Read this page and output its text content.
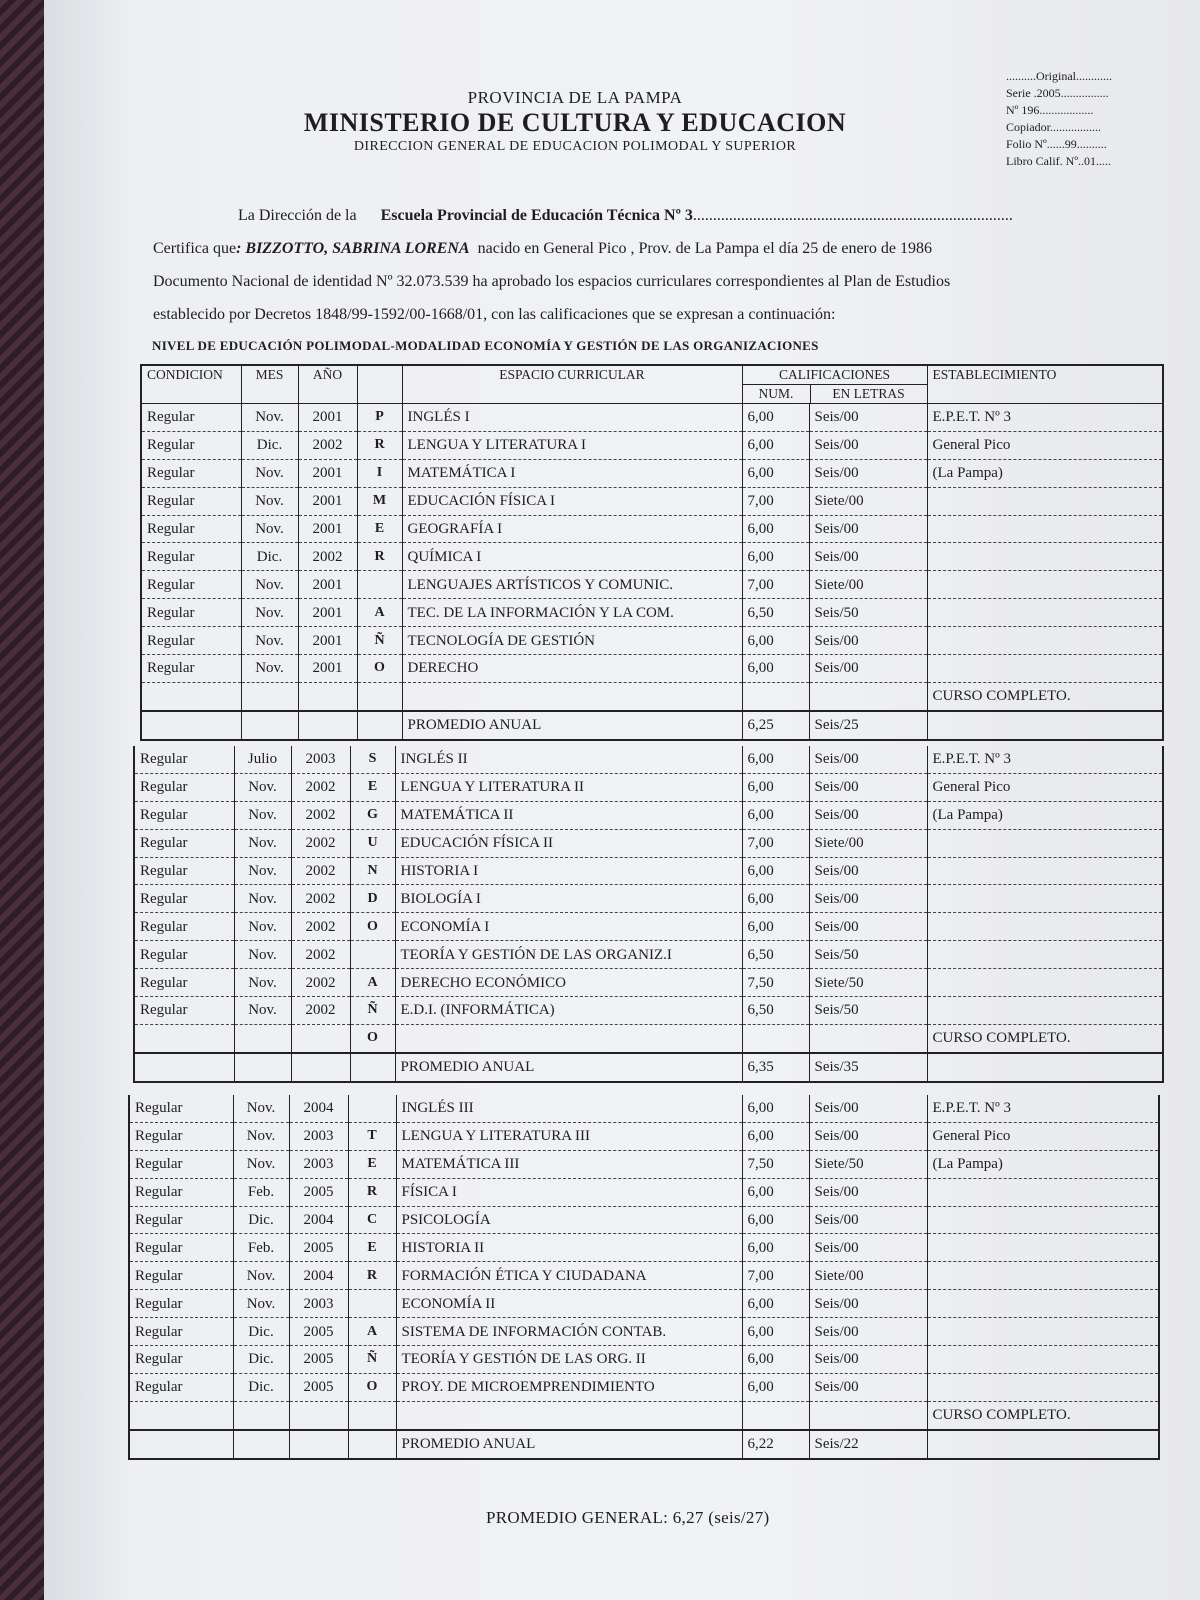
PROVINCIA DE LA PAMPA
MINISTERIO DE CULTURA Y EDUCACION
DIRECCION GENERAL DE EDUCACION POLIMODAL Y SUPERIOR
..........Original............
Serie .2005................
Nº 196..................
Copiador.................
Folio Nº......99..........
Libro Calif. Nº..01.....
La Dirección de la Escuela Provincial de Educación Técnica Nº 3................................................................................
Certifica que: BIZZOTTO, SABRINA LORENA nacido en General Pico , Prov. de La Pampa el día 25 de enero de 1986
Documento Nacional de identidad Nº 32.073.539 ha aprobado los espacios curriculares correspondientes al Plan de Estudios
establecido por Decretos 1848/99-1592/00-1668/01, con las calificaciones que se expresan a continuación:
NIVEL DE EDUCACIÓN POLIMODAL-MODALIDAD ECONOMÍA Y GESTIÓN DE LAS ORGANIZACIONES
CONDICION	MES	AÑO		ESPACIO CURRICULAR	CALIFICACIONES
NUM. EN LETRAS		ESTABLECIMIENTO
Regular	Nov.	2001	P	INGLÉS I	6,00	Seis/00	E.P.E.T. Nº 3
Regular	Dic.	2002	R	LENGUA Y LITERATURA I	6,00	Seis/00	General Pico
Regular	Nov.	2001	I	MATEMÁTICA I	6,00	Seis/00	(La Pampa)
Regular	Nov.	2001	M	EDUCACIÓN FÍSICA I	7,00	Siete/00	
Regular	Nov.	2001	E	GEOGRAFÍA I	6,00	Seis/00	
Regular	Dic.	2002	R	QUÍMICA I	6,00	Seis/00	
Regular	Nov.	2001		LENGUAJES ARTÍSTICOS Y COMUNIC.	7,00	Siete/00	
Regular	Nov.	2001	A	TEC. DE LA INFORMACIÓN Y LA COM.	6,50	Seis/50	
Regular	Nov.	2001	Ñ	TECNOLOGÍA DE GESTIÓN	6,00	Seis/00	
Regular	Nov.	2001	O	DERECHO	6,00	Seis/00	
							CURSO COMPLETO.
				PROMEDIO ANUAL	6,25	Seis/25	
Regular	Julio	2003	S	INGLÉS II	6,00	Seis/00	E.P.E.T. Nº 3
Regular	Nov.	2002	E	LENGUA Y LITERATURA II	6,00	Seis/00	General Pico
Regular	Nov.	2002	G	MATEMÁTICA II	6,00	Seis/00	(La Pampa)
Regular	Nov.	2002	U	EDUCACIÓN FÍSICA II	7,00	Siete/00	
Regular	Nov.	2002	N	HISTORIA I	6,00	Seis/00	
Regular	Nov.	2002	D	BIOLOGÍA I	6,00	Seis/00	
Regular	Nov.	2002	O	ECONOMÍA I	6,00	Seis/00	
Regular	Nov.	2002		TEORÍA Y GESTIÓN DE LAS ORGANIZ.I	6,50	Seis/50	
Regular	Nov.	2002	A	DERECHO ECONÓMICO	7,50	Siete/50	
Regular	Nov.	2002	Ñ	E.D.I. (INFORMÁTICA)	6,50	Seis/50	
			O				CURSO COMPLETO.
				PROMEDIO ANUAL	6,35	Seis/35	
Regular	Nov.	2004		INGLÉS III	6,00	Seis/00	E.P.E.T. Nº 3
Regular	Nov.	2003	T	LENGUA Y LITERATURA III	6,00	Seis/00	General Pico
Regular	Nov.	2003	E	MATEMÁTICA III	7,50	Siete/50	(La Pampa)
Regular	Feb.	2005	R	FÍSICA I	6,00	Seis/00	
Regular	Dic.	2004	C	PSICOLOGÍA	6,00	Seis/00	
Regular	Feb.	2005	E	HISTORIA II	6,00	Seis/00	
Regular	Nov.	2004	R	FORMACIÓN ÉTICA Y CIUDADANA	7,00	Siete/00	
Regular	Nov.	2003		ECONOMÍA II	6,00	Seis/00	
Regular	Dic.	2005	A	SISTEMA DE INFORMACIÓN CONTAB.	6,00	Seis/00	
Regular	Dic.	2005	Ñ	TEORÍA Y GESTIÓN DE LAS ORG. II	6,00	Seis/00	
Regular	Dic.	2005	O	PROY. DE MICROEMPRENDIMIENTO	6,00	Seis/00	
							CURSO COMPLETO.
				PROMEDIO ANUAL	6,22	Seis/22	
PROMEDIO GENERAL: 6,27 (seis/27)
